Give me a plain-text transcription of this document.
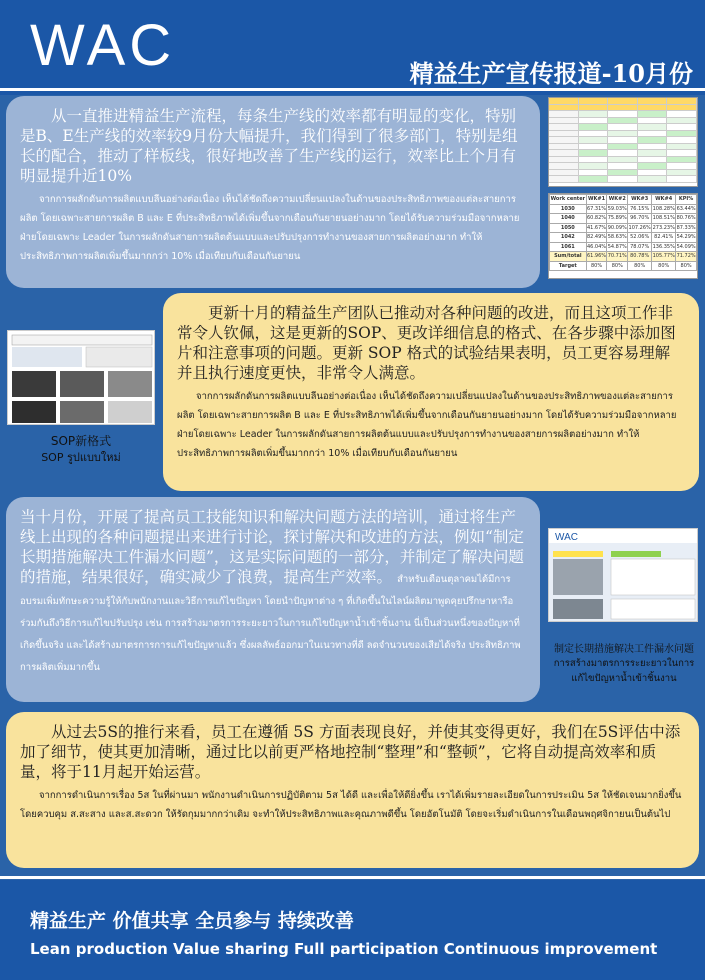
WAC	精益生产宣传报道-10月份

从一直推进精益生产流程，每条生产线的效率都有明显的变化，特别是B、E生产线的效率较9月份大幅提升，我们得到了很多部门，特别是组长的配合，推动了样板线，很好地改善了生产线的运行，效率比上个月有明显提升近10%

จากการผลักดันการผลิตแบบลีนอย่างต่อเนื่อง เห็นได้ชัดถึงความเปลี่ยนแปลงในด้านของประสิทธิภาพของแต่ละสายการผลิต โดยเฉพาะสายการผลิต B และ E ที่ประสิทธิภาพได้เพิ่มขึ้นจากเดือนกันยายนอย่างมาก โดยได้รับความร่วมมือจากหลายฝ่ายโดยเฉพาะ Leader ในการผลักดันสายการผลิตต้นแบบและปรับปรุงการทำงานของสายการผลิตอย่างมาก ทำให้ประสิทธิภาพการผลิตเพิ่มขึ้นมากกว่า 10% เมื่อเทียบกับเดือนกันยายน

Work center	WK#1	WK#2	WK#3	WK#4	KPI%
1030	67.31%	59.03%	76.15%	108.28%	63.44%
1040	60.82%	75.89%	96.70%	108.51%	80.76%
1050	41.67%	90.09%	107.26%	273.23%	87.33%
1042	82.49%	58.63%	52.06%	82.41%	54.29%
1061	46.04%	54.87%	78.07%	136.35%	54.09%
Sum/total	61.96%	70.71%	80.78%	105.77%	71.72%
Target	80%	80%	80%	80%	80%

更新十月的精益生产团队已推动对各种问题的改进，而且这项工作非常令人钦佩，这是更新的SOP、更改详细信息的格式、在各步骤中添加图片和注意事项的问题。更新 SOP 格式的试验结果表明，员工更容易理解并且执行速度更快，非常令人满意。

จากการผลักดันการผลิตแบบลีนอย่างต่อเนื่อง เห็นได้ชัดถึงความเปลี่ยนแปลงในด้านของประสิทธิภาพของแต่ละสายการผลิต โดยเฉพาะสายการผลิต B และ E ที่ประสิทธิภาพได้เพิ่มขึ้นจากเดือนกันยายนอย่างมาก โดยได้รับความร่วมมือจากหลายฝ่ายโดยเฉพาะ Leader ในการผลักดันสายการผลิตต้นแบบและปรับปรุงการทำงานของสายการผลิตอย่างมาก ทำให้ประสิทธิภาพการผลิตเพิ่มขึ้นมากกว่า 10% เมื่อเทียบกับเดือนกันยายน

SOP新格式
SOP รูปแบบใหม่

当十月份，开展了提高员工技能知识和解决问题方法的培训，通过将生产线上出现的各种问题提出来进行讨论，探讨解决和改进的方法，例如“制定长期措施解决工件漏水问题”，这是实际问题的一部分，并制定了解决问题的措施，结果很好，确实减少了浪费，提高生产效率。 สำหรับเดือนตุลาคมได้มีการอบรมเพิ่มทักษะความรู้ให้กับพนักงานและวิธีการแก้ไขปัญหา โดยนำปัญหาต่าง ๆ ที่เกิดขึ้นในไลน์ผลิตมาพูดคุยปรึกษาหารือร่วมกันถึงวิธีการแก้ไขปรับปรุง เช่น การสร้างมาตรการระยะยาวในการแก้ไขปัญหาน้ำเข้าชิ้นงาน นี่เป็นส่วนหนึ่งของปัญหาที่เกิดขึ้นจริง และได้สร้างมาตรการการแก้ไขปัญหาแล้ว ซึ่งผลลัพธ์ออกมาในเนวทางที่ดี ลดจำนวนของเสียได้จริง ประสิทธิภาพการผลิตเพิ่มมากขึ้น
WAC
制定长期措施解决工件漏水问题
การสร้างมาตรการระยะยาวในการแก้ไขปัญหาน้ำเข้าชิ้นงาน

从过去5S的推行来看，员工在遵循 5S 方面表现良好，并使其变得更好，我们在5S评估中添加了细节，使其更加清晰，通过比以前更严格地控制“整理”和“整顿”，它将自动提高效率和质量，将于11月起开始运营。

จากการดำเนินการเรื่อง 5ส ในที่ผ่านมา พนักงานดำเนินการปฏิบัติตาม 5ส ได้ดี และเพื่อให้ดียิ่งขึ้น เราได้เพิ่มรายละเอียดในการประเมิน 5ส ให้ชัดเจนมากยิ่งขึ้น โดยควบคุม ส.สะสาง และส.สะดวก ให้รัดกุมมากกว่าเดิม จะทำให้ประสิทธิภาพและคุณภาพดีขึ้น โดยอัตโนมัติ โดยจะเริ่มดำเนินการในเดือนพฤศจิกายนเป็นต้นไป

精益生产 价值共享 全员参与 持续改善
Lean production Value sharing Full participation Continuous improvement
